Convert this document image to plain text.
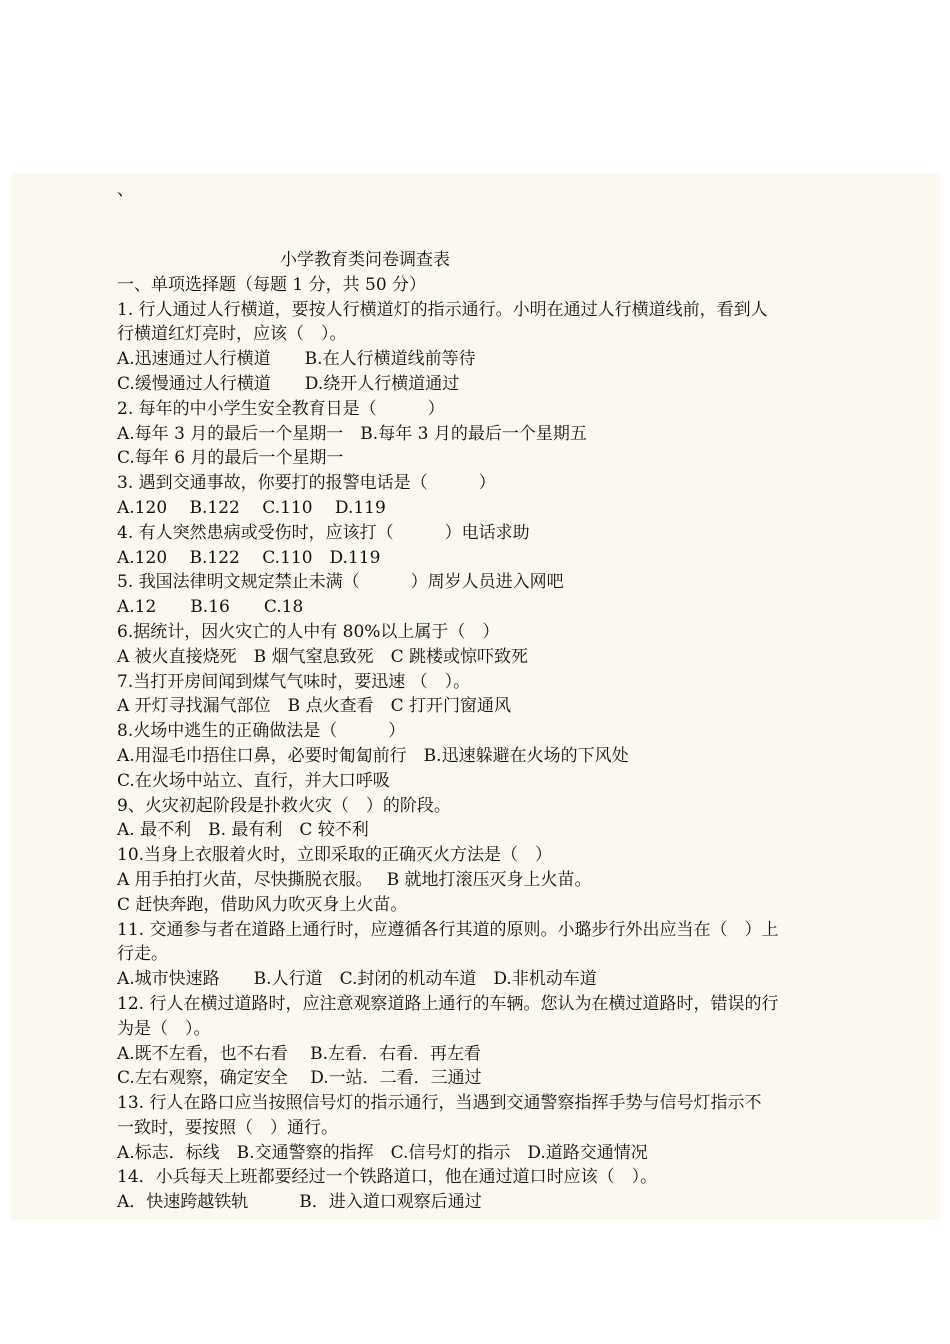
、
小学教育类问卷调查表
一、单项选择题（每题 1 分，共 50 分）
1. 行人通过人行横道，要按人行横道灯的指示通行。小明在通过人行横道线前，看到人
行横道红灯亮时，应该（　）。
A.迅速通过人行横道　　B.在人行横道线前等待
C.缓慢通过人行横道　　D.绕开人行横道通过
2. 每年的中小学生安全教育日是（　　　）
A.每年 3 月的最后一个星期一　B.每年 3 月的最后一个星期五
C.每年 6 月的最后一个星期一
3. 遇到交通事故，你要打的报警电话是（　　　）
A.120　 B.122　 C.110　 D.119
4. 有人突然患病或受伤时，应该打（　　　）电话求助
A.120　 B.122　 C.110　D.119
5. 我国法律明文规定禁止未满（　　　）周岁人员进入网吧
A.12　　B.16　　C.18
6.据统计，因火灾亡的人中有 80%以上属于（　）
A 被火直接烧死　B 烟气窒息致死　C 跳楼或惊吓致死
7.当打开房间闻到煤气气味时，要迅速 （　）。
A 开灯寻找漏气部位　B 点火查看　C 打开门窗通风
8.火场中逃生的正确做法是（　　　）
A.用湿毛巾捂住口鼻，必要时匍匐前行　B.迅速躲避在火场的下风处
C.在火场中站立、直行，并大口呼吸
9、火灾初起阶段是扑救火灾（　）的阶段。
A. 最不利　B. 最有利　C 较不利
10.当身上衣服着火时，立即采取的正确灭火方法是（　）
A 用手拍打火苗，尽快撕脱衣服。　 B 就地打滚压灭身上火苗。
C 赶快奔跑，借助风力吹灭身上火苗。
11. 交通参与者在道路上通行时，应遵循各行其道的原则。小璐步行外出应当在（　）上
行走。
A.城市快速路　　B.人行道　C.封闭的机动车道　D.非机动车道
12. 行人在横过道路时，应注意观察道路上通行的车辆。您认为在横过道路时，错误的行
为是（　）。
A.既不左看，也不右看　 B.左看．右看．再左看
C.左右观察，确定安全　 D.一站．二看．三通过
13. 行人在路口应当按照信号灯的指示通行，当遇到交通警察指挥手势与信号灯指示不
一致时，要按照（　）通行。
A.标志．标线　B.交通警察的指挥　C.信号灯的指示　D.道路交通情况
14．小兵每天上班都要经过一个铁路道口，他在通过道口时应该（　）。
A．快速跨越铁轨　　　B．进入道口观察后通过
